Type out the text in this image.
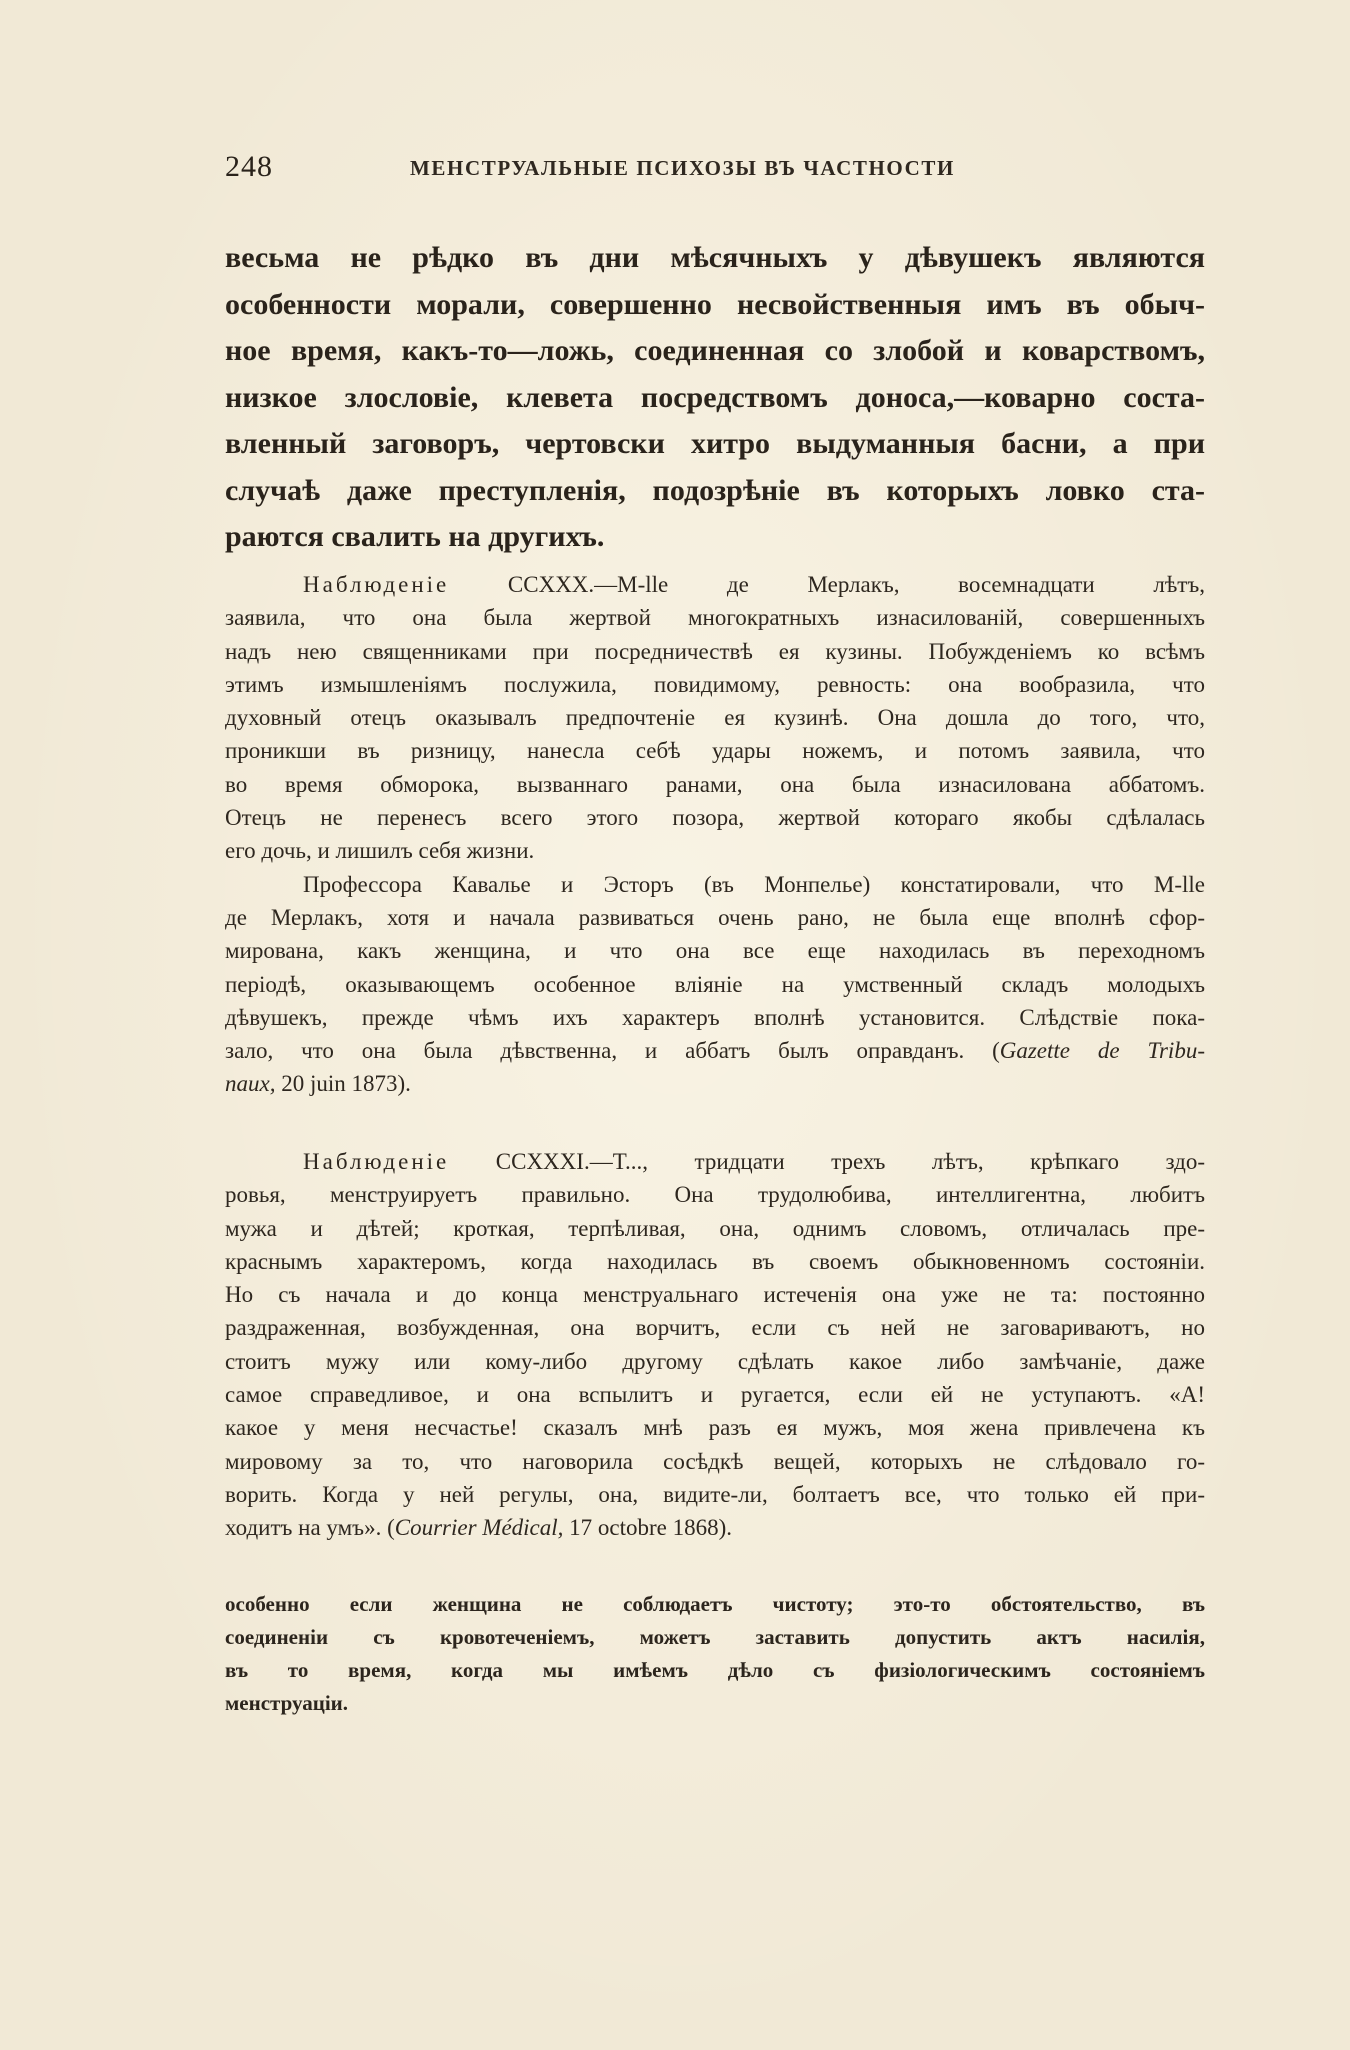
248	МЕНСТРУАЛЬНЫЕ ПСИХОЗЫ ВЪ ЧАСТНОСТИ
весьма не рѣдко въ дни мѣсячныхъ у дѣвушекъ являются
особенности морали, совершенно несвойственныя имъ въ обыч-
ное время, какъ-то—ложь, соединенная со злобой и коварствомъ,
низкое злословіе, клевета посредствомъ доноса,—коварно соста-
вленный заговоръ, чертовски хитро выдуманныя басни, а при
случаѣ даже преступленія, подозрѣніе въ которыхъ ловко ста-
раются свалить на другихъ.
Наблюденіе CCXXX.—M-lle де Мерлакъ, восемнадцати лѣтъ,
заявила, что она была жертвой многократныхъ изнасилованій, совершенныхъ
надъ нею священниками при посредничествѣ ея кузины. Побужденіемъ ко всѣмъ
этимъ измышленіямъ послужила, повидимому, ревность: она вообразила, что
духовный отецъ оказывалъ предпочтеніе ея кузинѣ. Она дошла до того, что,
проникши въ ризницу, нанесла себѣ удары ножемъ, и потомъ заявила, что
во время обморока, вызваннаго ранами, она была изнасилована аббатомъ.
Отецъ не перенесъ всего этого позора, жертвой котораго якобы сдѣлалась
его дочь, и лишилъ себя жизни.
Профессора Кавалье и Эсторъ (въ Монпелье) констатировали, что M-lle
де Мерлакъ, хотя и начала развиваться очень рано, не была еще вполнѣ сфор-
мирована, какъ женщина, и что она все еще находилась въ переходномъ
періодѣ, оказывающемъ особенное вліяніе на умственный складъ молодыхъ
дѣвушекъ, прежде чѣмъ ихъ характеръ вполнѣ установится. Слѣдствіе пока-
зало, что она была дѣвственна, и аббатъ былъ оправданъ. (Gazette de Tribu-
naux, 20 juin 1873).
Наблюденіе CCXXXI.—T..., тридцати трехъ лѣтъ, крѣпкаго здо-
ровья, менструируетъ правильно. Она трудолюбива, интеллигентна, любитъ
мужа и дѣтей; кроткая, терпѣливая, она, однимъ словомъ, отличалась пре-
краснымъ характеромъ, когда находилась въ своемъ обыкновенномъ состояніи.
Но съ начала и до конца менструальнаго истеченія она уже не та: постоянно
раздраженная, возбужденная, она ворчитъ, если съ ней не заговариваютъ, но
стоитъ мужу или кому-либо другому сдѣлать какое либо замѣчаніе, даже
самое справедливое, и она вспылитъ и ругается, если ей не уступаютъ. «А!
какое у меня несчастье! сказалъ мнѣ разъ ея мужъ, моя жена привлечена къ
мировому за то, что наговорила сосѣдкѣ вещей, которыхъ не слѣдовало го-
ворить. Когда у ней регулы, она, видите-ли, болтаетъ все, что только ей при-
ходитъ на умъ». (Courrier Médical, 17 octobre 1868).
особенно если женщина не соблюдаетъ чистоту; это-то обстоятельство, въ
соединеніи съ кровотеченіемъ, можетъ заставить допустить актъ насилія,
въ то время, когда мы имѣемъ дѣло съ физіологическимъ состояніемъ
менструаціи.
